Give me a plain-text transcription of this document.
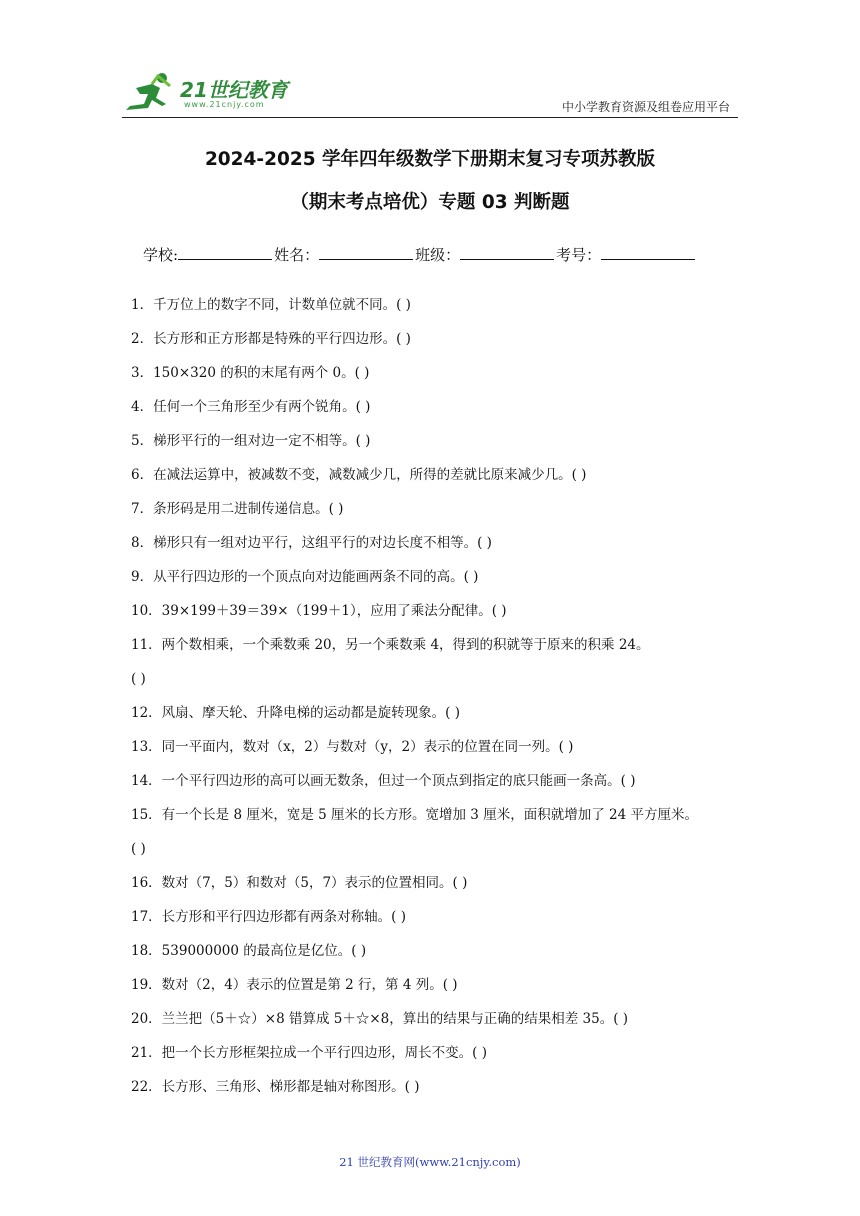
21世纪教育
www.21cnjy.com	中小学教育资源及组卷应用平台
2024-2025 学年四年级数学下册期末复习专项苏教版
（期末考点培优）专题 03 判断题
学校:	姓名：	班级：	考号：
1．千万位上的数字不同，计数单位就不同。( )
2．长方形和正方形都是特殊的平行四边形。( )
3．150×320 的积的末尾有两个 0。( )
4．任何一个三角形至少有两个锐角。( )
5．梯形平行的一组对边一定不相等。( )
6．在减法运算中，被减数不变，减数减少几，所得的差就比原来减少几。( )
7．条形码是用二进制传递信息。( )
8．梯形只有一组对边平行，这组平行的对边长度不相等。( )
9．从平行四边形的一个顶点向对边能画两条不同的高。( )
10．39×199＋39＝39×（199＋1），应用了乘法分配律。( )
11．两个数相乘，一个乘数乘 20，另一个乘数乘 4，得到的积就等于原来的积乘 24。
( )
12．风扇、摩天轮、升降电梯的运动都是旋转现象。( )
13．同一平面内，数对（x，2）与数对（y，2）表示的位置在同一列。( )
14．一个平行四边形的高可以画无数条，但过一个顶点到指定的底只能画一条高。( )
15．有一个长是 8 厘米，宽是 5 厘米的长方形。宽增加 3 厘米，面积就增加了 24 平方厘米。
( )
16．数对（7，5）和数对（5，7）表示的位置相同。( )
17．长方形和平行四边形都有两条对称轴。( )
18．539000000 的最高位是亿位。( )
19．数对（2，4）表示的位置是第 2 行，第 4 列。( )
20．兰兰把（5＋☆）×8 错算成 5＋☆×8，算出的结果与正确的结果相差 35。( )
21．把一个长方形框架拉成一个平行四边形，周长不变。( )
22．长方形、三角形、梯形都是轴对称图形。( )
21 世纪教育网(www.21cnjy.com)
